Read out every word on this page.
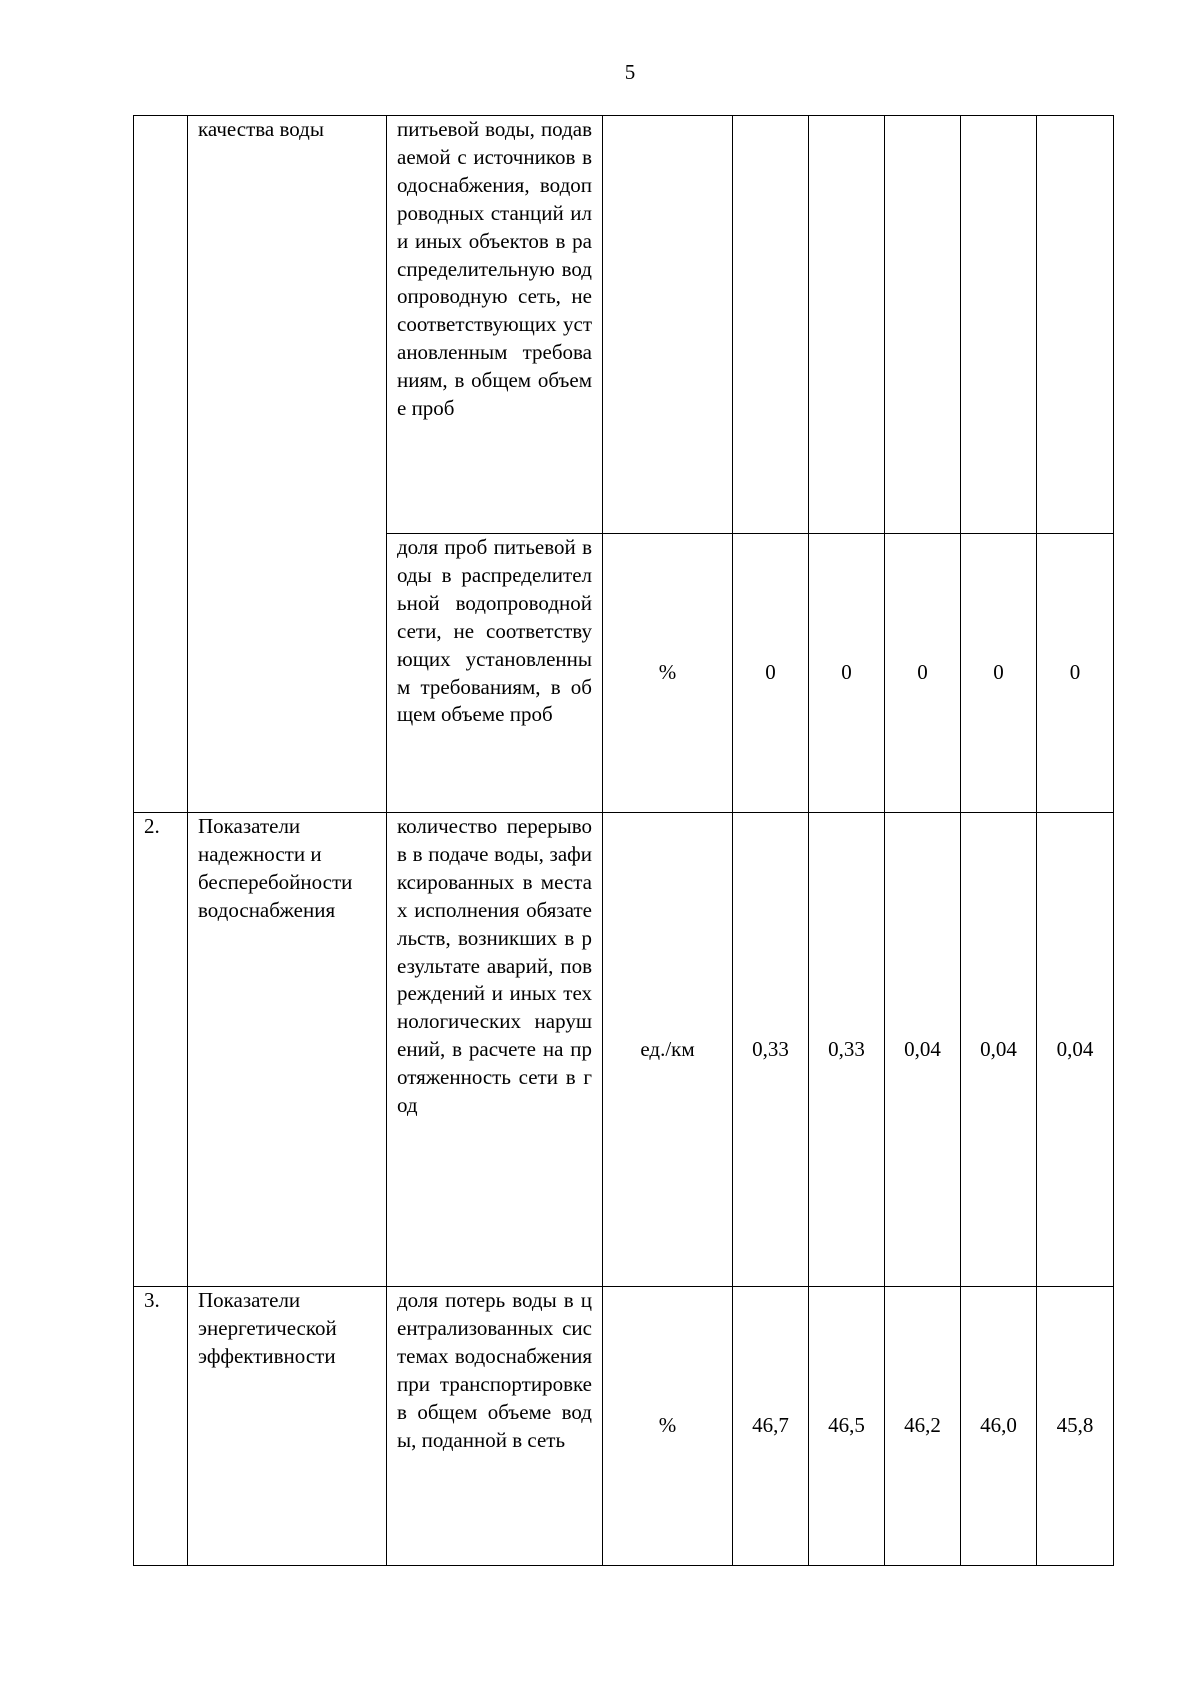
5
	качества воды	питьевой воды, подаваемой с источников водоснабжения, водопроводных станций или иных объектов в распределительную водопроводную сеть, не соответствующих установленным требованиям, в общем объеме проб						
		доля проб питьевой воды в распределительной водопроводной сети, не соответствующих установленным требованиям, в общем объеме проб	%	0	0	0	0	0
2.	Показатели надежности и бесперебойности водоснабжения	количество перерывов в подаче воды, зафиксированных в местах исполнения обязательств, возникших в результате аварий, повреждений и иных технологических нарушений, в расчете на протяженность сети в год	ед./км	0,33	0,33	0,04	0,04	0,04
3.	Показатели энергетической эффективности	доля потерь воды в централизованных системах водоснабжения при транспортировке в общем объеме воды, поданной в сеть	%	46,7	46,5	46,2	46,0	45,8
